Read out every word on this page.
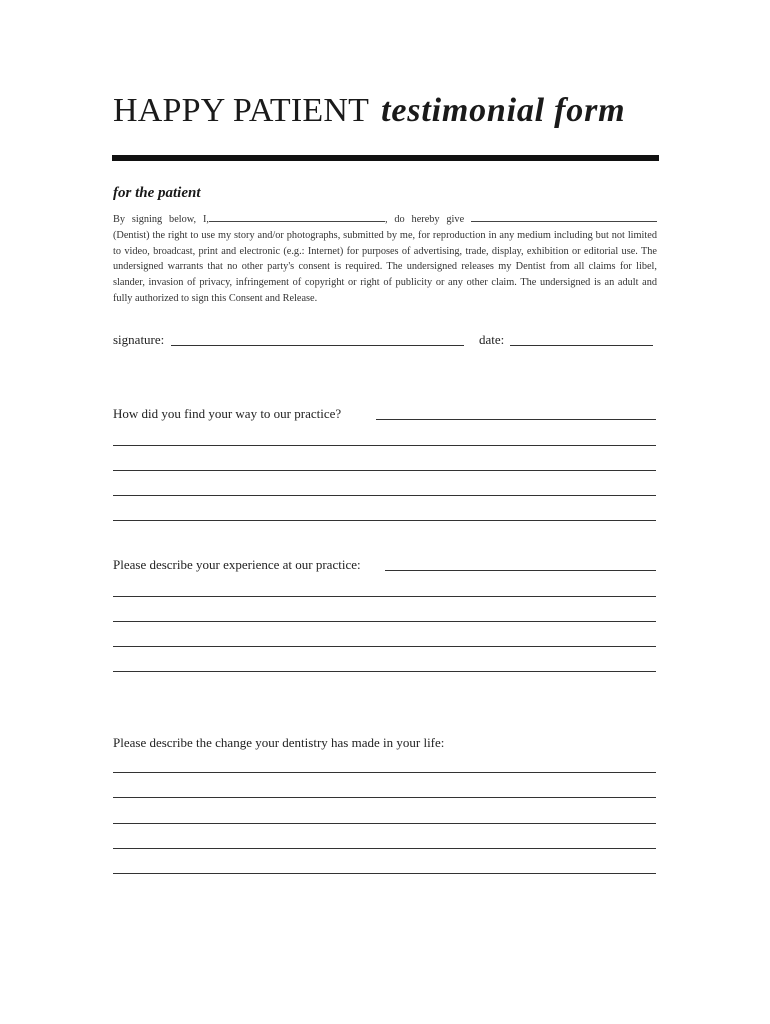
HAPPY PATIENT testimonial form
for the patient
By signing below, I,	, do hereby give  (Dentist) the right to use my story and/or photographs, submitted by me, for reproduction in any medium including but not limited to video, broadcast, print and electronic (e.g.: Internet) for purposes of advertising, trade, display, exhibition or editorial use. The undersigned warrants that no other party's consent is required. The undersigned releases my Dentist from all claims for libel, slander, invasion of privacy, infringement of copyright or right of publicity or any other claim. The undersigned is an adult and fully authorized to sign this Consent and Release.
signature:	date:
How did you find your way to our practice?
Please describe your experience at our practice:
Please describe the change your dentistry has made in your life:
